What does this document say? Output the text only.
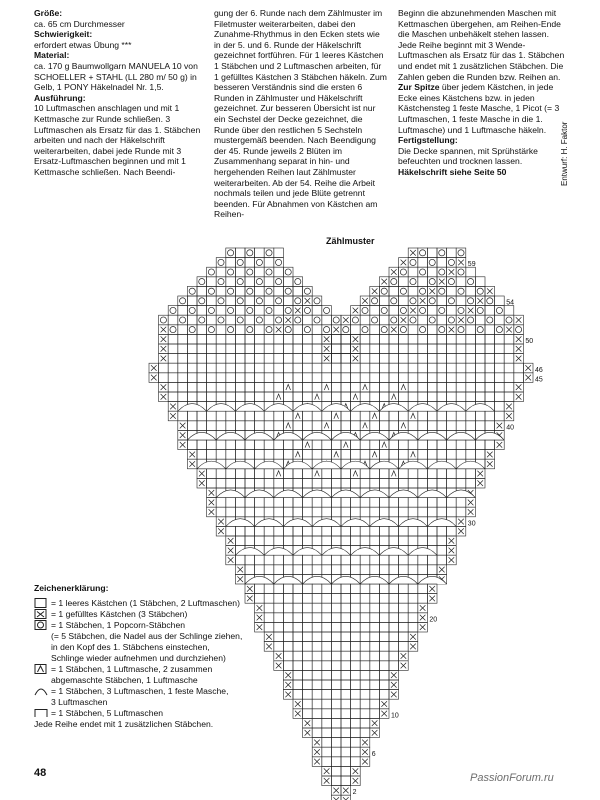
Größe:

ca. 65 cm Durchmesser

Schwierigkeit:

erfordert etwas Übung ***

Material:

ca. 170 g Baumwollgarn MANUELA 10 von SCHOELLER + STAHL (LL 280 m/ 50 g) in Gelb, 1 PONY Häkelnadel Nr. 1,5.

Ausführung:

10 Luftmaschen anschlagen und mit 1 Kettmasche zur Runde schließen. 3 Luftmaschen als Ersatz für das 1. Stäbchen arbeiten und nach der Häkelschrift weiterarbeiten, dabei jede Runde mit 3 Ersatz-Luftmaschen beginnen und mit 1 Kettmasche schließen. Nach Beendi-

gung der 6. Runde nach dem Zählmuster im Filetmuster weiterarbeiten, dabei den Zunahme-Rhythmus in den Ecken stets wie in der 5. und 6. Runde der Häkelschrift gezeichnet fortführen. Für 1 leeres Kästchen 1 Stäbchen und 2 Luftmaschen arbeiten, für 1 gefülltes Kästchen 3 Stäbchen häkeln. Zum besseren Verständnis sind die ersten 6 Runden in Zählmuster und Häkelschrift gezeichnet. Zur besseren Übersicht ist nur ein Sechstel der Decke gezeichnet, die Runde über den restlichen 5 Sechsteln mustergemäß beenden. Nach Beendigung der 45. Runde jeweils 2 Blüten im Zusammenhang separat in hin- und hergehenden Reihen laut Zählmuster weiterarbeiten. Ab der 54. Reihe die Arbeit nochmals teilen und jede Blüte getrennt beenden. Für Abnahmen von Kästchen am Reihen-

Beginn die abzunehmenden Maschen mit Kettmaschen übergehen, am Reihen-Ende die Maschen unbehäkelt stehen lassen. Jede Reihe beginnt mit 3 Wende-Luftmaschen als Ersatz für das 1. Stäbchen und endet mit 1 zusätzlichen Stäbchen. Die Zahlen geben die Runden bzw. Reihen an.

Zur Spitze

über jedem Kästchen, in jede Ecke eines Kästchens bzw. in jeden Kästchensteg 1 feste Masche, 1 Picot (= 3 Luftmaschen, 1 feste Masche in die 1. Luftmasche) und 1 Luftmasche häkeln.

Fertigstellung:

Die Decke spannen, mit Sprühstärke befeuchten und trocknen lassen.

Häkelschrift siehe Seite 50	Entwurf: H. Faktor
59
54
50
46
45
40
30
20
10
6
2
Zählmuster
Zeichenerklärung:
= 1 leeres Kästchen (1 Stäbchen, 2 Luftmaschen)
= 1 gefülltes Kästchen (3 Stäbchen)
= 1 Stäbchen, 1 Popcorn-Stäbchen
(= 5 Stäbchen, die Nadel aus der Schlinge ziehen,
in den Kopf des 1. Stäbchens einstechen,
Schlinge wieder aufnehmen und durchziehen)
= 1 Stäbchen, 1 Luftmasche, 2 zusammen
abgemaschte Stäbchen, 1 Luftmasche
= 1 Stäbchen, 3 Luftmaschen, 1 feste Masche,
3 Luftmaschen
= 1 Stäbchen, 5 Luftmaschen
Jede Reihe endet mit 1 zusätzlichen Stäbchen.
48	PassionForum.ru
